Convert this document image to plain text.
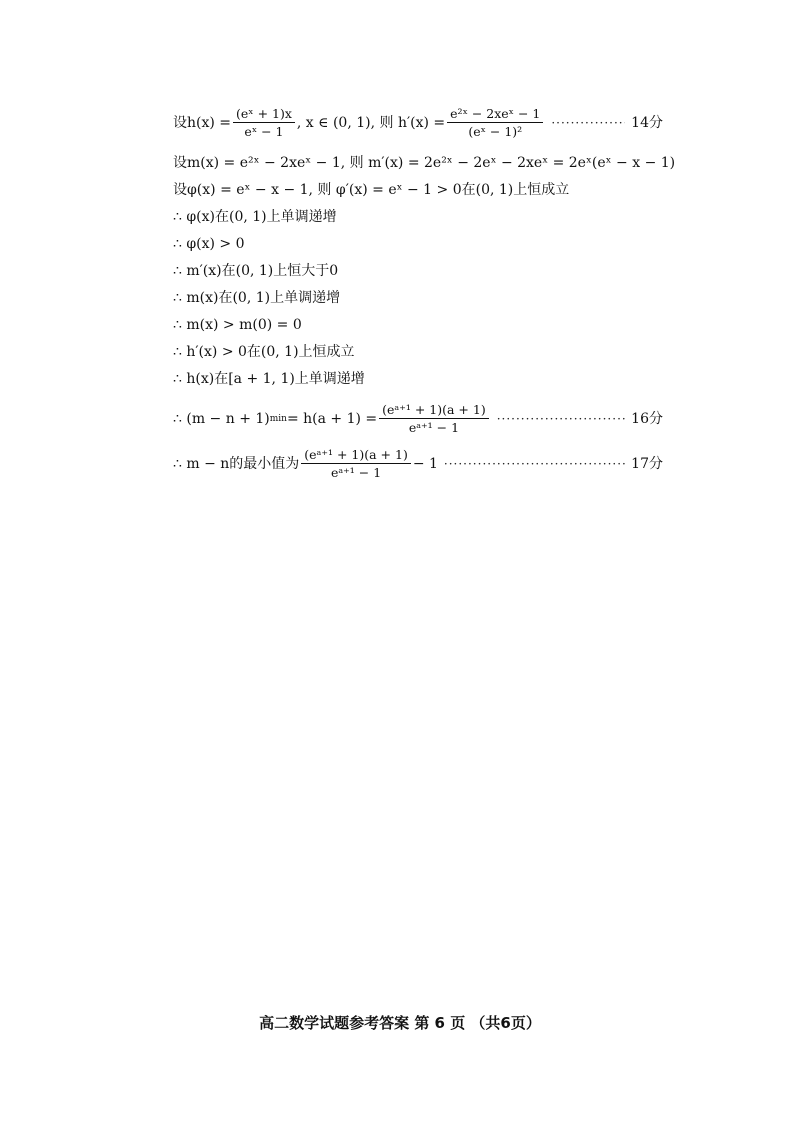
设$h(x) = \frac{\text{(eˣ + 1)x}}{\text{eˣ − 1}}$ , x ∈ (0, 1), 则 $h'(x) = \frac{\text{e²ˣ − 2xeˣ − 1}}{\text{(eˣ − 1)²}}$ ·····	14分
设m(x) = e²ˣ − 2xeˣ − 1, 则 m′(x) = 2e²ˣ − 2eˣ − 2xeˣ = 2eˣ(eˣ − x − 1)
设φ(x) = eˣ − x − 1, 则 φ′(x) = eˣ − 1 > 0在(0, 1)上恒成立
∴ φ(x)在(0, 1)上单调递增
∴ φ(x) > 0
∴ m′(x)在(0, 1)上恒大于0
∴ m(x)在(0, 1)上单调递增
∴ m(x) > m(0) = 0
∴ h′(x) > 0在(0, 1)上恒成立
∴ h(x)在[a + 1, 1)上单调递增
∴ (m − n + 1) $\min = h(a + 1) = \frac{\text{(eᵃ⁺¹ + 1)(a + 1)}}{\text{eᵃ⁺¹ − 1}}$ ·····	16分
∴ m − n的最小值为 $\frac{\text{(eᵃ⁺¹ + 1)(a + 1)}}{\text{eᵃ⁺¹ − 1}} - 1$ ·····	17分
高二数学试题参考答案 第 6 页 （共6页）
